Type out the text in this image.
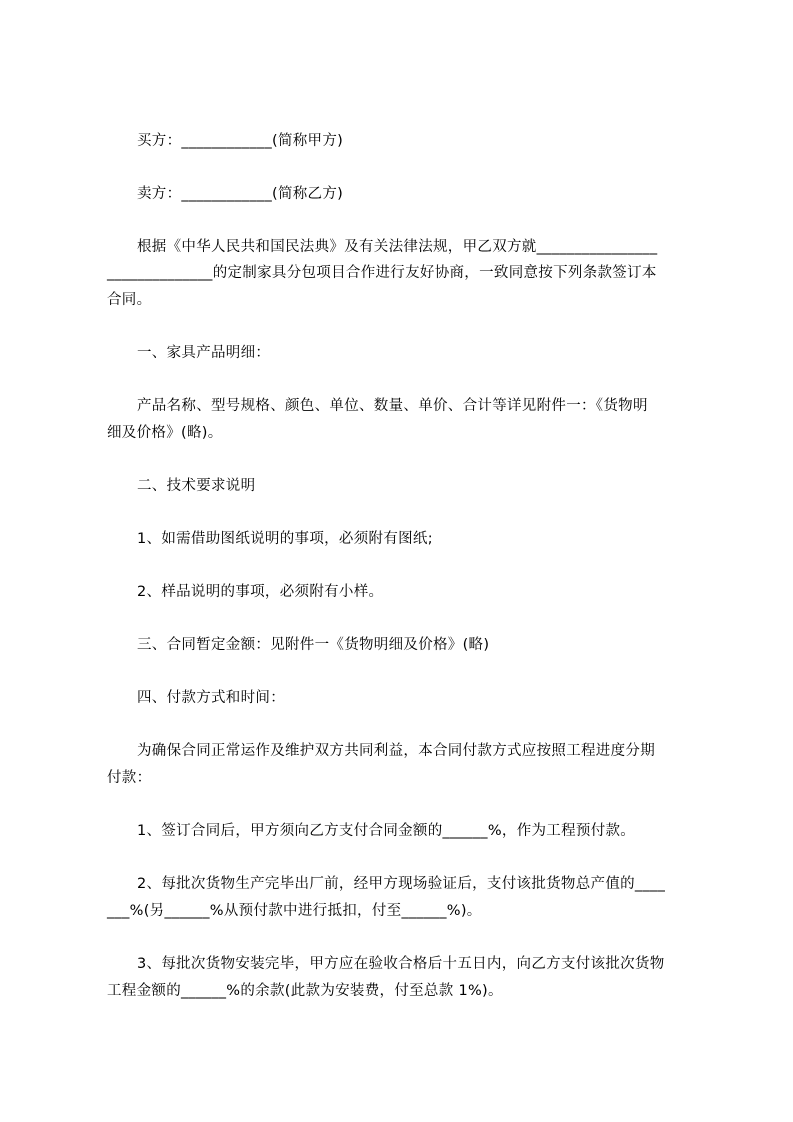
买方：____________(简称甲方)
卖方：____________(简称乙方)
根据《中华人民共和国民法典》及有关法律法规，甲乙双方就________________
______________的定制家具分包项目合作进行友好协商，一致同意按下列条款签订本
合同。
一、家具产品明细：
产品名称、型号规格、颜色、单位、数量、单价、合计等详见附件一：《货物明
细及价格》(略)。
二、技术要求说明
1、如需借助图纸说明的事项，必须附有图纸;
2、样品说明的事项，必须附有小样。
三、合同暂定金额：见附件一《货物明细及价格》(略)
四、付款方式和时间：
为确保合同正常运作及维护双方共同利益，本合同付款方式应按照工程进度分期
付款：
1、签订合同后，甲方须向乙方支付合同金额的______%，作为工程预付款。
2、每批次货物生产完毕出厂前，经甲方现场验证后，支付该批货物总产值的____
___%(另______%从预付款中进行抵扣，付至______%)。
3、每批次货物安装完毕，甲方应在验收合格后十五日内，向乙方支付该批次货物
工程金额的______%的余款(此款为安装费，付至总款 1%)。
